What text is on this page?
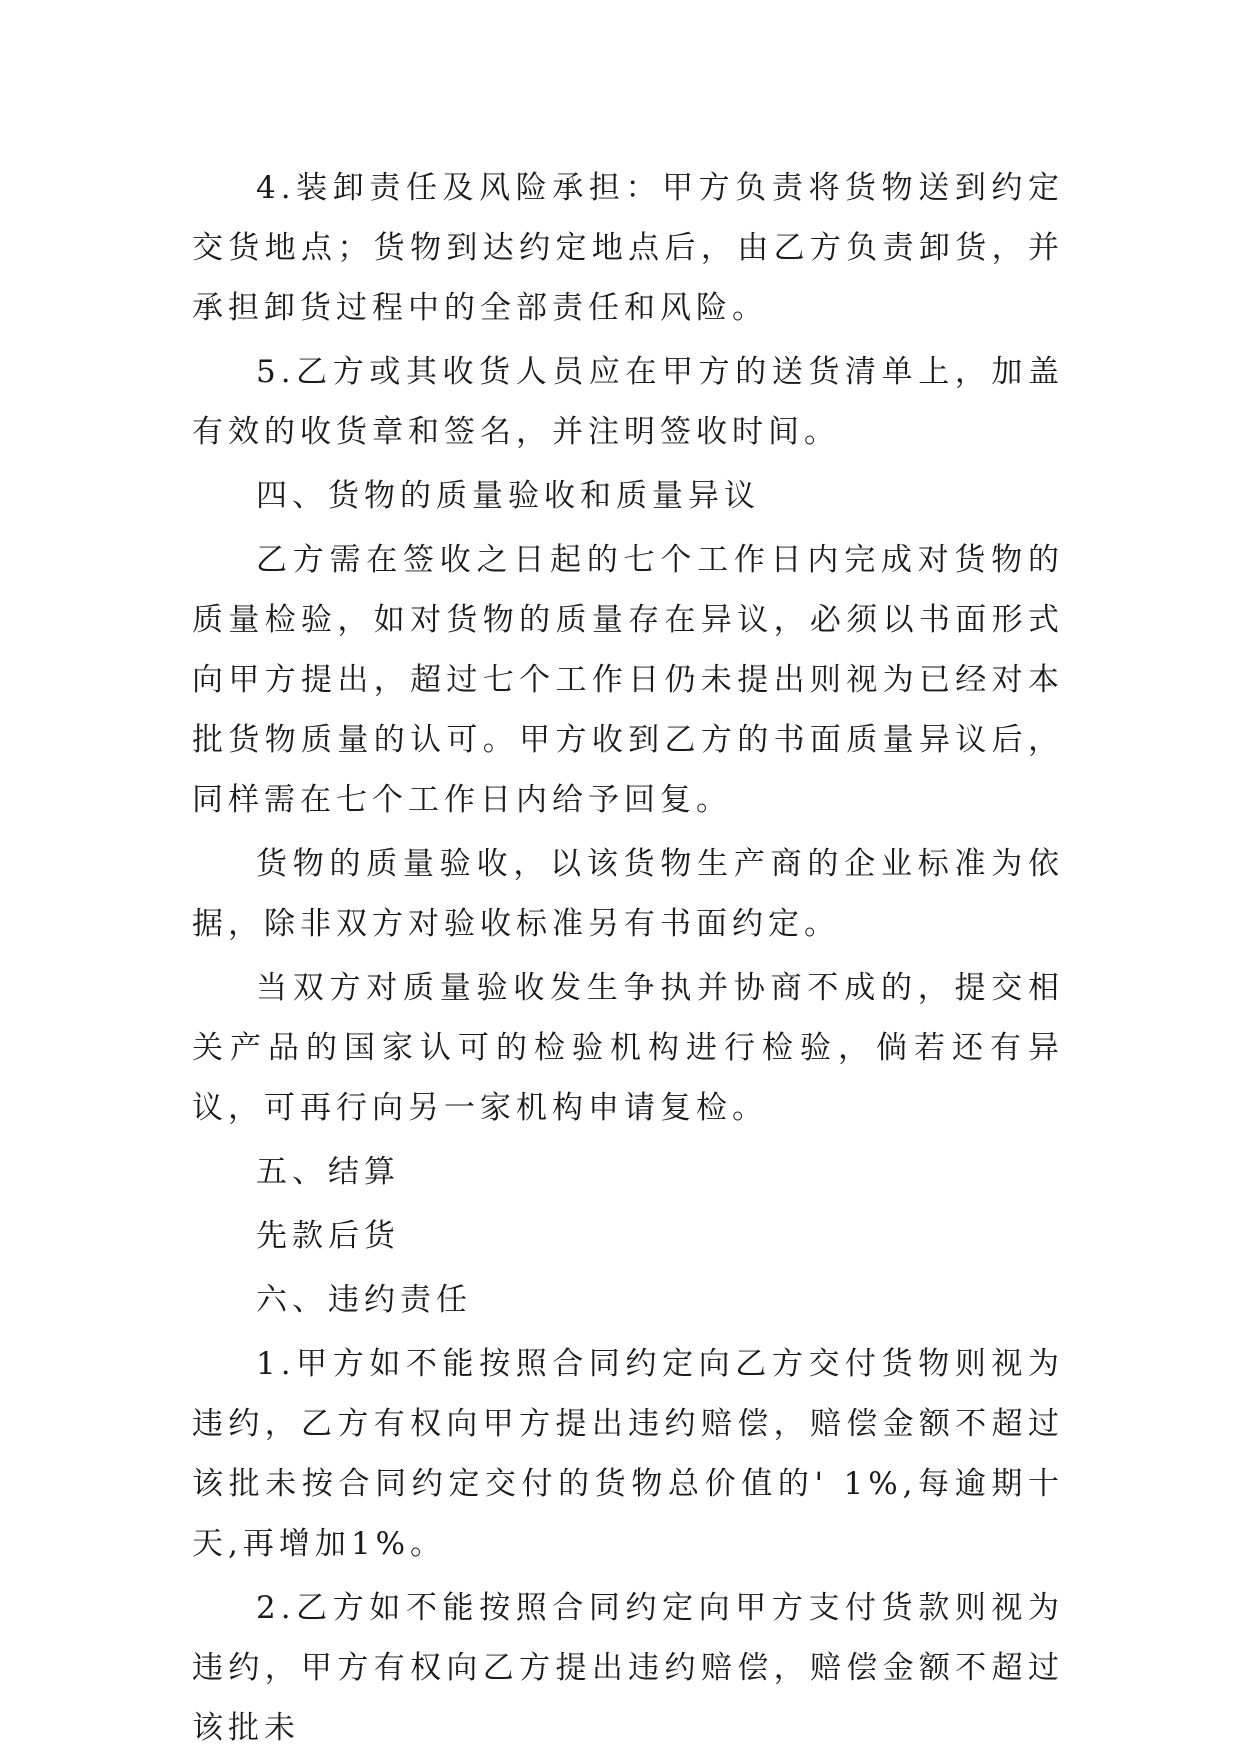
4.装卸责任及风险承担：甲方负责将货物送到约定交货地点；货物到达约定地点后，由乙方负责卸货，并承担卸货过程中的全部责任和风险。

5.乙方或其收货人员应在甲方的送货清单上，加盖有效的收货章和签名，并注明签收时间。

四、货物的质量验收和质量异议

乙方需在签收之日起的七个工作日内完成对货物的质量检验，如对货物的质量存在异议，必须以书面形式向甲方提出，超过七个工作日仍未提出则视为已经对本批货物质量的认可。甲方收到乙方的书面质量异议后，同样需在七个工作日内给予回复。

货物的质量验收，以该货物生产商的企业标准为依据，除非双方对验收标准另有书面约定。

当双方对质量验收发生争执并协商不成的，提交相关产品的国家认可的检验机构进行检验，倘若还有异议，可再行向另一家机构申请复检。

五、结算

先款后货

六、违约责任

1.甲方如不能按照合同约定向乙方交付货物则视为违约，乙方有权向甲方提出违约赔偿，赔偿金额不超过该批未按合同约定交付的货物总价值的' 1%,每逾期十天,再增加1%。

2.乙方如不能按照合同约定向甲方支付货款则视为违约，甲方有权向乙方提出违约赔偿，赔偿金额不超过该批未
